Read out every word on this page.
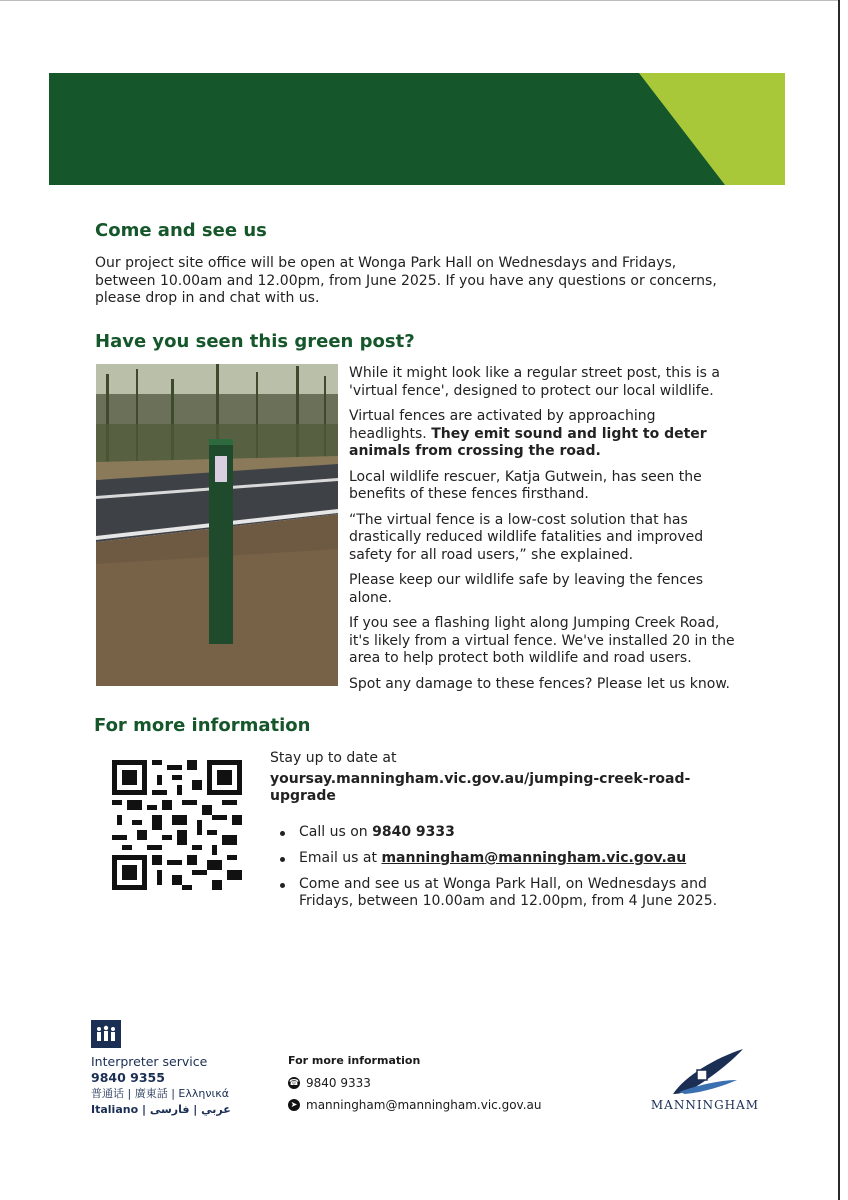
Come and see us
Our project site office will be open at Wonga Park Hall on Wednesdays and Fridays,
between 10.00am and 12.00pm, from June 2025. If you have any questions or concerns,
please drop in and chat with us.
Have you seen this green post?
While it might look like a regular street post, this is a
'virtual fence', designed to protect our local wildlife.
Virtual fences are activated by approaching
headlights. They emit sound and light to deter
animals from crossing the road.
Local wildlife rescuer, Katja Gutwein, has seen the
benefits of these fences firsthand.
“The virtual fence is a low-cost solution that has
drastically reduced wildlife fatalities and improved
safety for all road users,” she explained.
Please keep our wildlife safe by leaving the fences
alone.
If you see a flashing light along Jumping Creek Road,
it's likely from a virtual fence. We've installed 20 in the
area to help protect both wildlife and road users.
Spot any damage to these fences? Please let us know.
For more information
Stay up to date at
yoursay.manningham.vic.gov.au/jumping-creek-road-
upgrade
Call us on 9840 9333
Email us at manningham@manningham.vic.gov.au
Come and see us at Wonga Park Hall, on Wednesdays and
Fridays, between 10.00am and 12.00pm, from 4 June 2025.
Interpreter service
9840 9355
普通话 | 廣東話 | Ελληνικά
Italiano | عربي | فارسی
For more information
☎ 9840 9333
➤ manningham@manningham.vic.gov.au	MANNINGHAM
